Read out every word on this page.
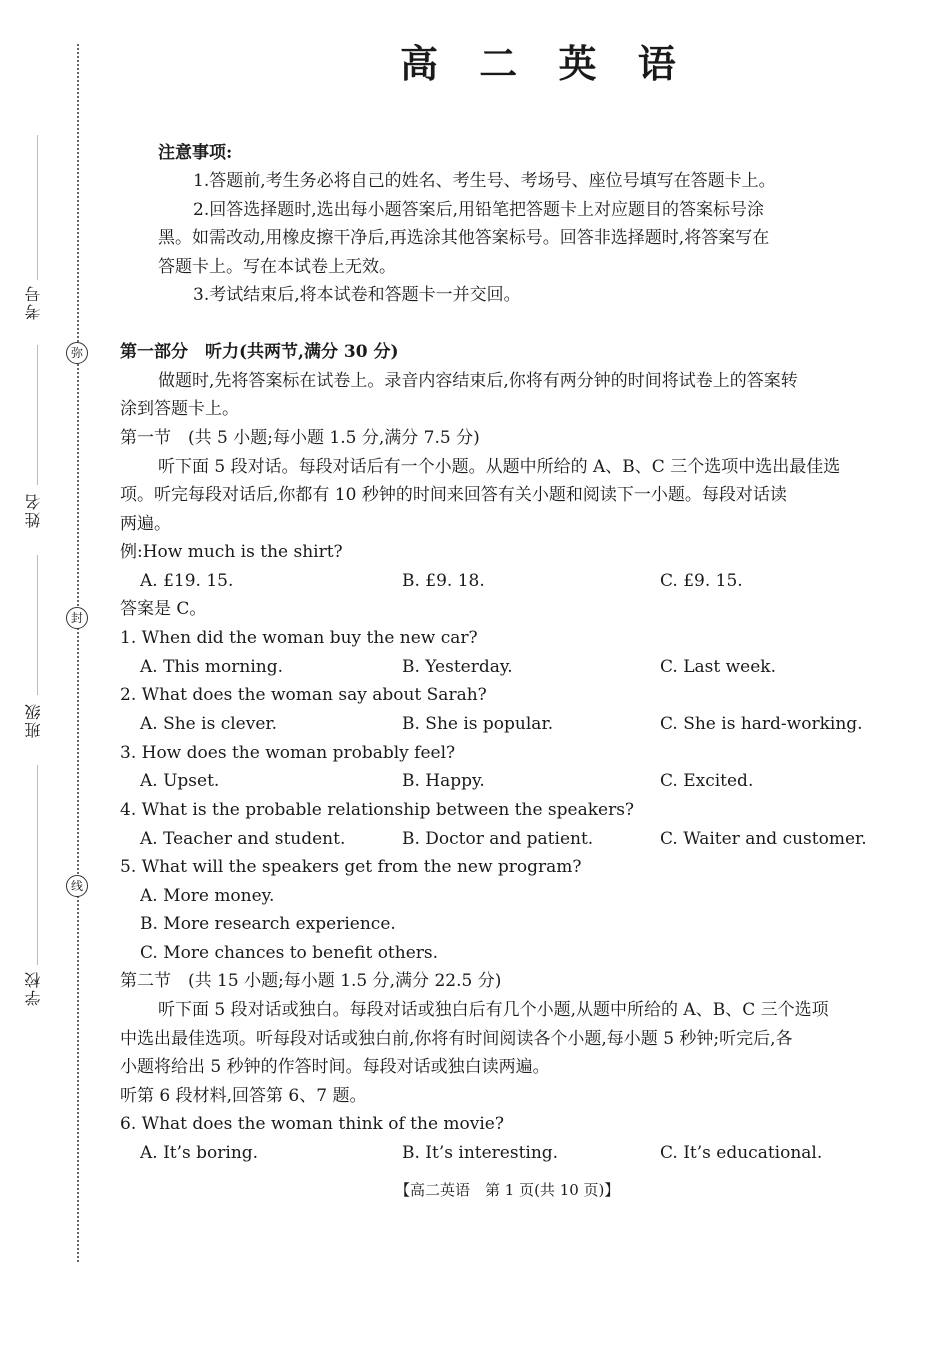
弥
封
线
考号
姓名
班级
学校
高 二 英 语
注意事项:
1.答题前,考生务必将自己的姓名、考生号、考场号、座位号填写在答题卡上。
2.回答选择题时,选出每小题答案后,用铅笔把答题卡上对应题目的答案标号涂
黑。如需改动,用橡皮擦干净后,再选涂其他答案标号。回答非选择题时,将答案写在
答题卡上。写在本试卷上无效。
3.考试结束后,将本试卷和答题卡一并交回。
第一部分　听力(共两节,满分 30 分)
做题时,先将答案标在试卷上。录音内容结束后,你将有两分钟的时间将试卷上的答案转
涂到答题卡上。
第一节　(共 5 小题;每小题 1.5 分,满分 7.5 分)
听下面 5 段对话。每段对话后有一个小题。从题中所给的 A、B、C 三个选项中选出最佳选
项。听完每段对话后,你都有 10 秒钟的时间来回答有关小题和阅读下一小题。每段对话读
两遍。
例:How much is the shirt?
A. £19. 15.	B. £9. 18.	C. £9. 15.
答案是 C。
1. When did the woman buy the new car?
A. This morning.	B. Yesterday.	C. Last week.
2. What does the woman say about Sarah?
A. She is clever.	B. She is popular.	C. She is hard-working.
3. How does the woman probably feel?
A. Upset.	B. Happy.	C. Excited.
4. What is the probable relationship between the speakers?
A. Teacher and student.	B. Doctor and patient.	C. Waiter and customer.
5. What will the speakers get from the new program?
A. More money.
B. More research experience.
C. More chances to benefit others.
第二节　(共 15 小题;每小题 1.5 分,满分 22.5 分)
听下面 5 段对话或独白。每段对话或独白后有几个小题,从题中所给的 A、B、C 三个选项
中选出最佳选项。听每段对话或独白前,你将有时间阅读各个小题,每小题 5 秒钟;听完后,各
小题将给出 5 秒钟的作答时间。每段对话或独白读两遍。
听第 6 段材料,回答第 6、7 题。
6. What does the woman think of the movie?
A. It’s boring.	B. It’s interesting.	C. It’s educational.
【高二英语　第 1 页(共 10 页)】
